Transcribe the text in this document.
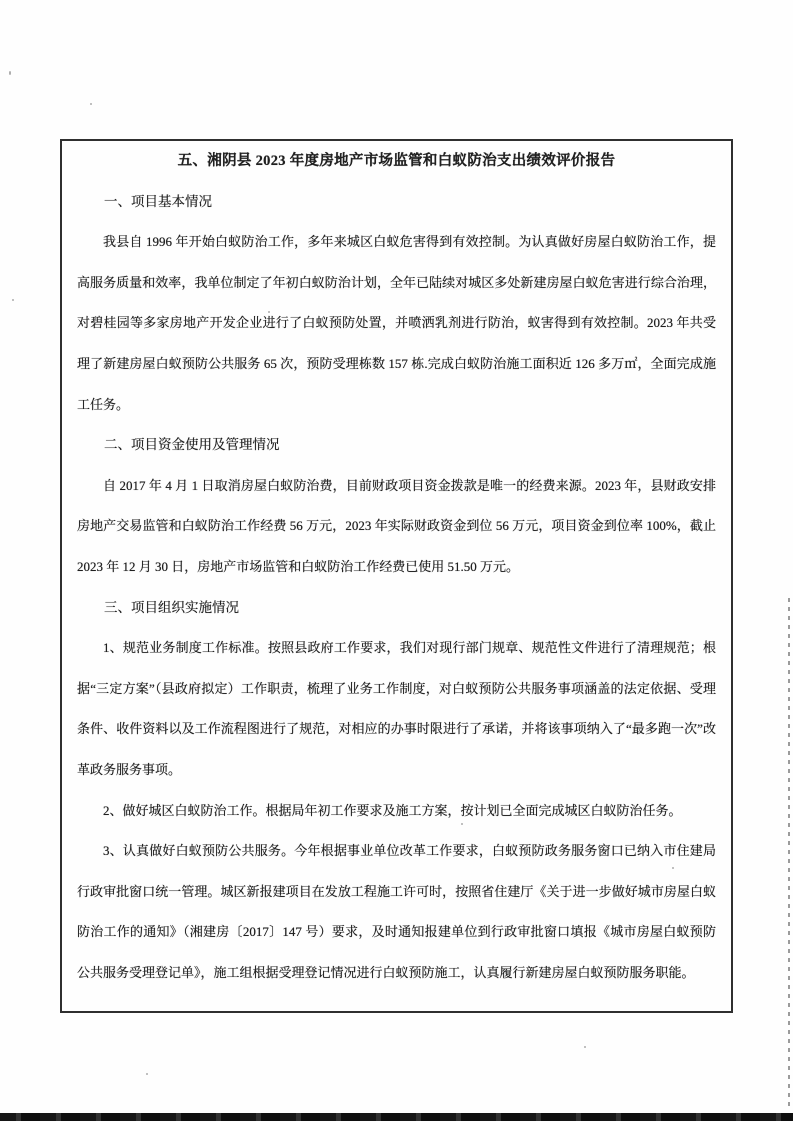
五、湘阴县 2023 年度房地产市场监管和白蚁防治支出绩效评价报告
一、项目基本情况

我县自 1996 年开始白蚁防治工作，多年来城区白蚁危害得到有效控制。为认真做好房屋白蚁防治工作，提高服务质量和效率，我单位制定了年初白蚁防治计划，全年已陆续对城区多处新建房屋白蚁危害进行综合治理，对碧桂园等多家房地产开发企业进行了白蚁预防处置，并喷洒乳剂进行防治，蚁害得到有效控制。2023 年共受理了新建房屋白蚁预防公共服务 65 次，预防受理栋数 157 栋.完成白蚁防治施工面积近 126 多万㎡，全面完成施工任务。

二、项目资金使用及管理情况

自 2017 年 4 月 1 日取消房屋白蚁防治费，目前财政项目资金拨款是唯一的经费来源。2023 年，县财政安排房地产交易监管和白蚁防治工作经费 56 万元，2023 年实际财政资金到位 56 万元，项目资金到位率 100%，截止 2023 年 12 月 30 日，房地产市场监管和白蚁防治工作经费已使用 51.50 万元。

三、项目组织实施情况

1、规范业务制度工作标准。按照县政府工作要求，我们对现行部门规章、规范性文件进行了清理规范；根据“三定方案”（县政府拟定）工作职责，梳理了业务工作制度，对白蚁预防公共服务事项涵盖的法定依据、受理条件、收件资料以及工作流程图进行了规范，对相应的办事时限进行了承诺，并将该事项纳入了“最多跑一次”改革政务服务事项。

2、做好城区白蚁防治工作。根据局年初工作要求及施工方案，按计划已全面完成城区白蚁防治任务。

3、认真做好白蚁预防公共服务。今年根据事业单位改革工作要求，白蚁预防政务服务窗口已纳入市住建局行政审批窗口统一管理。城区新报建项目在发放工程施工许可时，按照省住建厅《关于进一步做好城市房屋白蚁防治工作的通知》（湘建房〔2017〕147 号）要求，及时通知报建单位到行政审批窗口填报《城市房屋白蚁预防公共服务受理登记单》，施工组根据受理登记情况进行白蚁预防施工，认真履行新建房屋白蚁预防服务职能。
